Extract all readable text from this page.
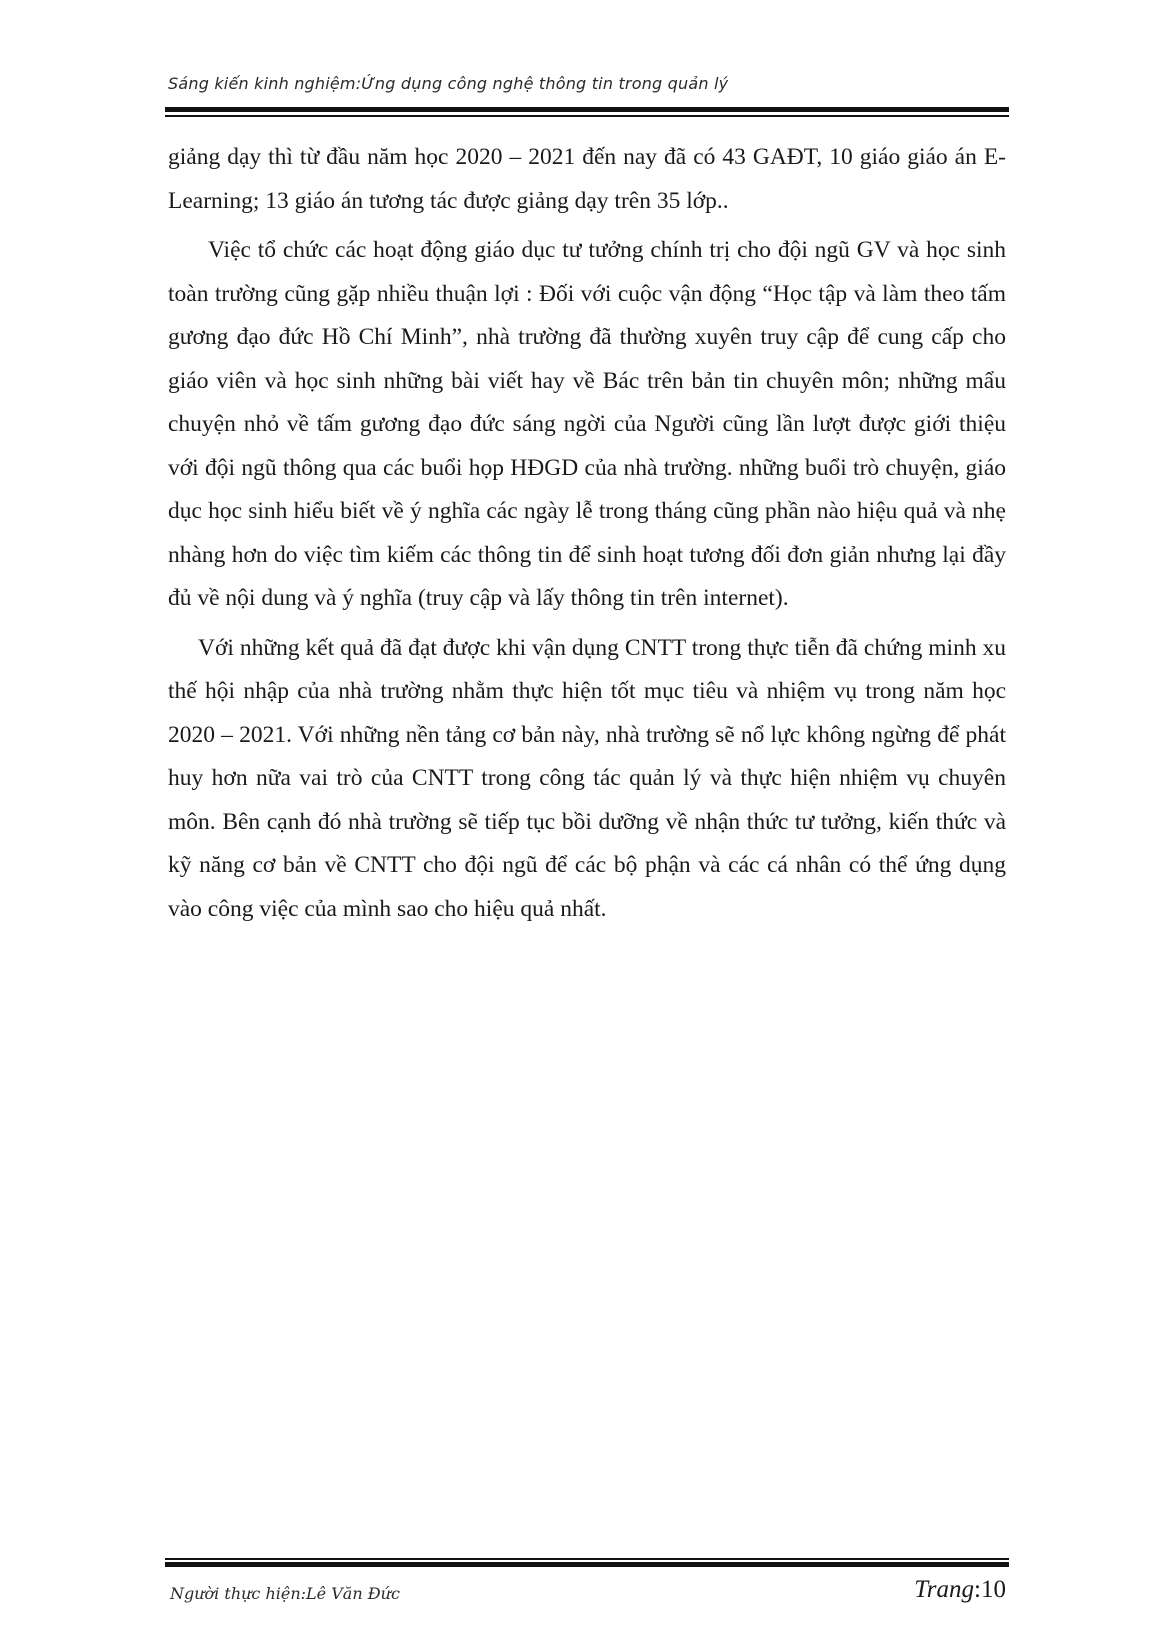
Sáng kiến kinh nghiệm:Ứng dụng công nghệ thông tin trong quản lý

giảng dạy thì từ đầu năm học 2020 – 2021 đến nay đã có 43 GAĐT, 10 giáo giáo án E-Learning; 13 giáo án tương tác được giảng dạy trên 35 lớp..

Việc tổ chức các hoạt động giáo dục tư tưởng chính trị cho đội ngũ GV và học sinh toàn trường cũng gặp nhiều thuận lợi : Đối với cuộc vận động “Học tập và làm theo tấm gương đạo đức Hồ Chí Minh”, nhà trường đã thường xuyên truy cập để cung cấp cho giáo viên và học sinh những bài viết hay về Bác trên bản tin chuyên môn; những mẩu chuyện nhỏ về tấm gương đạo đức sáng ngời của Người cũng lần lượt được giới thiệu với đội ngũ thông qua các buổi họp HĐGD của nhà trường. những buổi trò chuyện, giáo dục học sinh hiểu biết về ý nghĩa các ngày lễ trong tháng cũng phần nào hiệu quả và nhẹ nhàng hơn do việc tìm kiếm các thông tin để sinh hoạt tương đối đơn giản nhưng lại đầy đủ về nội dung và ý nghĩa (truy cập và lấy thông tin trên internet).

Với những kết quả đã đạt được khi vận dụng CNTT trong thực tiễn đã chứng minh xu thế hội nhập của nhà trường nhằm thực hiện tốt mục tiêu và nhiệm vụ trong năm học 2020 – 2021. Với những nền tảng cơ bản này, nhà trường sẽ nổ lực không ngừng để phát huy hơn nữa vai trò của CNTT trong công tác quản lý và thực hiện nhiệm vụ chuyên môn. Bên cạnh đó nhà trường sẽ tiếp tục bồi dưỡng về nhận thức tư tưởng, kiến thức và kỹ năng cơ bản về CNTT cho đội ngũ để các bộ phận và các cá nhân có thể ứng dụng vào công việc của mình sao cho hiệu quả nhất.

Người thực hiện:Lê Văn Đức	Trang:10
